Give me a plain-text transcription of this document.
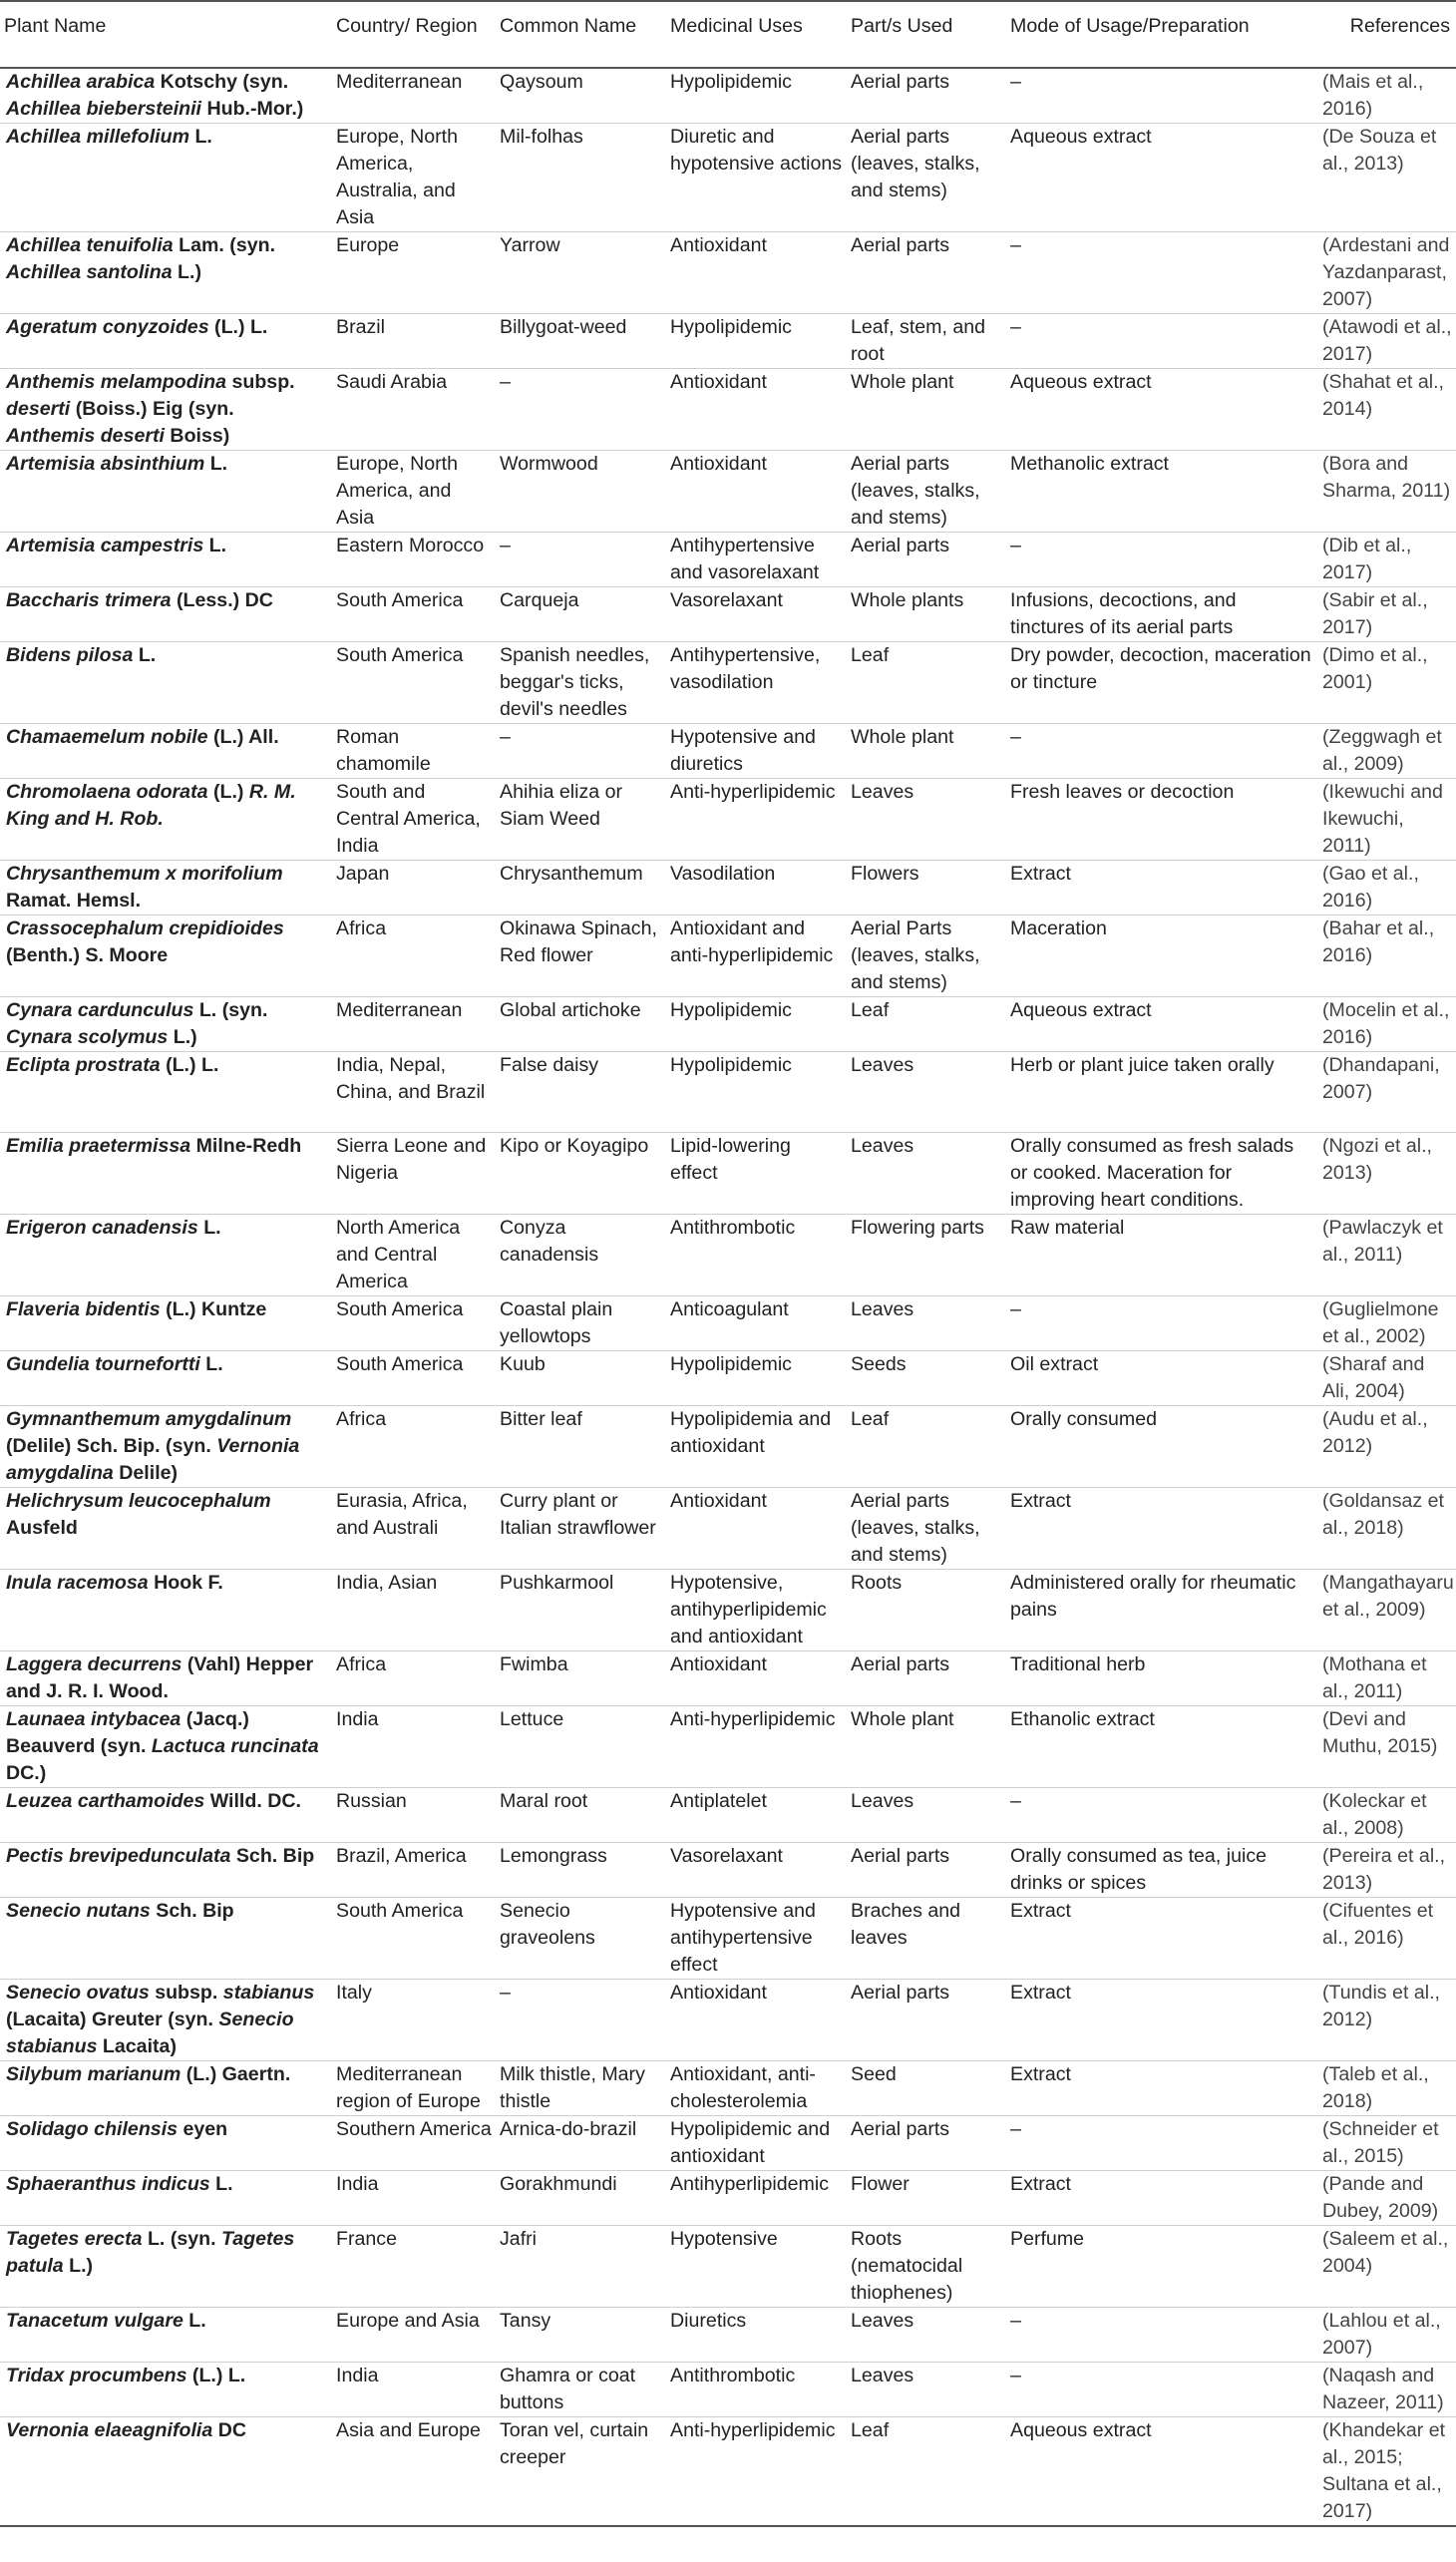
Plant Name	Country/ Region	Common Name	Medicinal Uses	Part/s Used	Mode of Usage/Preparation	References
Achillea arabica Kotschy (syn. Achillea biebersteinii Hub.-Mor.)	Mediterranean	Qaysoum	Hypolipidemic	Aerial parts	–	(Mais et al., 2016)
Achillea millefolium L.	Europe, North America, Australia, and Asia	Mil-folhas	Diuretic and hypotensive actions	Aerial parts (leaves, stalks, and stems)	Aqueous extract	(De Souza et al., 2013)
Achillea tenuifolia Lam. (syn. Achillea santolina L.)	Europe	Yarrow	Antioxidant	Aerial parts	–	(Ardestani and Yazdanparast, 2007)
Ageratum conyzoides (L.) L.	Brazil	Billygoat-weed	Hypolipidemic	Leaf, stem, and root	–	(Atawodi et al., 2017)
Anthemis melampodina subsp. deserti (Boiss.) Eig (syn. Anthemis deserti Boiss)	Saudi Arabia	–	Antioxidant	Whole plant	Aqueous extract	(Shahat et al., 2014)
Artemisia absinthium L.	Europe, North America, and Asia	Wormwood	Antioxidant	Aerial parts (leaves, stalks, and stems)	Methanolic extract	(Bora and Sharma, 2011)
Artemisia campestris L.	Eastern Morocco	–	Antihypertensive and vasorelaxant	Aerial parts	–	(Dib et al., 2017)
Baccharis trimera (Less.) DC	South America	Carqueja	Vasorelaxant	Whole plants	Infusions, decoctions, and tinctures of its aerial parts	(Sabir et al., 2017)
Bidens pilosa L.	South America	Spanish needles, beggar's ticks, devil's needles	Antihypertensive, vasodilation	Leaf	Dry powder, decoction, maceration or tincture	(Dimo et al., 2001)
Chamaemelum nobile (L.) All.	Roman chamomile	–	Hypotensive and diuretics	Whole plant	–	(Zeggwagh et al., 2009)
Chromolaena odorata (L.) R. M. King and H. Rob.	South and Central America, India	Ahihia eliza or Siam Weed	Anti-hyperlipidemic	Leaves	Fresh leaves or decoction	(Ikewuchi and Ikewuchi, 2011)
Chrysanthemum x morifolium Ramat. Hemsl.	Japan	Chrysanthemum	Vasodilation	Flowers	Extract	(Gao et al., 2016)
Crassocephalum crepidioides (Benth.) S. Moore	Africa	Okinawa Spinach, Red flower	Antioxidant and anti-hyperlipidemic	Aerial Parts (leaves, stalks, and stems)	Maceration	(Bahar et al., 2016)
Cynara cardunculus L. (syn. Cynara scolymus L.)	Mediterranean	Global artichoke	Hypolipidemic	Leaf	Aqueous extract	(Mocelin et al., 2016)
Eclipta prostrata (L.) L.	India, Nepal, China, and Brazil	False daisy	Hypolipidemic	Leaves	Herb or plant juice taken orally	(Dhandapani, 2007)
Emilia praetermissa Milne-Redh	Sierra Leone and Nigeria	Kipo or Koyagipo	Lipid-lowering effect	Leaves	Orally consumed as fresh salads or cooked. Maceration for improving heart conditions.	(Ngozi et al., 2013)
Erigeron canadensis L.	North America and Central America	Conyza canadensis	Antithrombotic	Flowering parts	Raw material	(Pawlaczyk et al., 2011)
Flaveria bidentis (L.) Kuntze	South America	Coastal plain yellowtops	Anticoagulant	Leaves	–	(Guglielmone et al., 2002)
Gundelia tournefortti L.	South America	Kuub	Hypolipidemic	Seeds	Oil extract	(Sharaf and Ali, 2004)
Gymnanthemum amygdalinum (Delile) Sch. Bip. (syn. Vernonia amygdalina Delile)	Africa	Bitter leaf	Hypolipidemia and antioxidant	Leaf	Orally consumed	(Audu et al., 2012)
Helichrysum leucocephalum Ausfeld	Eurasia, Africa, and Australi	Curry plant or Italian strawflower	Antioxidant	Aerial parts (leaves, stalks, and stems)	Extract	(Goldansaz et al., 2018)
Inula racemosa Hook F.	India, Asian	Pushkarmool	Hypotensive, antihyperlipidemic and antioxidant	Roots	Administered orally for rheumatic pains	(Mangathayaru et al., 2009)
Laggera decurrens (Vahl) Hepper and J. R. I. Wood.	Africa	Fwimba	Antioxidant	Aerial parts	Traditional herb	(Mothana et al., 2011)
Launaea intybacea (Jacq.) Beauverd (syn. Lactuca runcinata DC.)	India	Lettuce	Anti-hyperlipidemic	Whole plant	Ethanolic extract	(Devi and Muthu, 2015)
Leuzea carthamoides Willd. DC.	Russian	Maral root	Antiplatelet	Leaves	–	(Koleckar et al., 2008)
Pectis brevipedunculata Sch. Bip	Brazil, America	Lemongrass	Vasorelaxant	Aerial parts	Orally consumed as tea, juice drinks or spices	(Pereira et al., 2013)
Senecio nutans Sch. Bip	South America	Senecio graveolens	Hypotensive and antihypertensive effect	Braches and leaves	Extract	(Cifuentes et al., 2016)
Senecio ovatus subsp. stabianus (Lacaita) Greuter (syn. Senecio stabianus Lacaita)	Italy	–	Antioxidant	Aerial parts	Extract	(Tundis et al., 2012)
Silybum marianum (L.) Gaertn.	Mediterranean region of Europe	Milk thistle, Mary thistle	Antioxidant, anti-cholesterolemia	Seed	Extract	(Taleb et al., 2018)
Solidago chilensis eyen	Southern America	Arnica-do-brazil	Hypolipidemic and antioxidant	Aerial parts	–	(Schneider et al., 2015)
Sphaeranthus indicus L.	India	Gorakhmundi	Antihyperlipidemic	Flower	Extract	(Pande and Dubey, 2009)
Tagetes erecta L. (syn. Tagetes patula L.)	France	Jafri	Hypotensive	Roots (nematocidal thiophenes)	Perfume	(Saleem et al., 2004)
Tanacetum vulgare L.	Europe and Asia	Tansy	Diuretics	Leaves	–	(Lahlou et al., 2007)
Tridax procumbens (L.) L.	India	Ghamra or coat buttons	Antithrombotic	Leaves	–	(Naqash and Nazeer, 2011)
Vernonia elaeagnifolia DC	Asia and Europe	Toran vel, curtain creeper	Anti-hyperlipidemic	Leaf	Aqueous extract	(Khandekar et al., 2015; Sultana et al., 2017)
